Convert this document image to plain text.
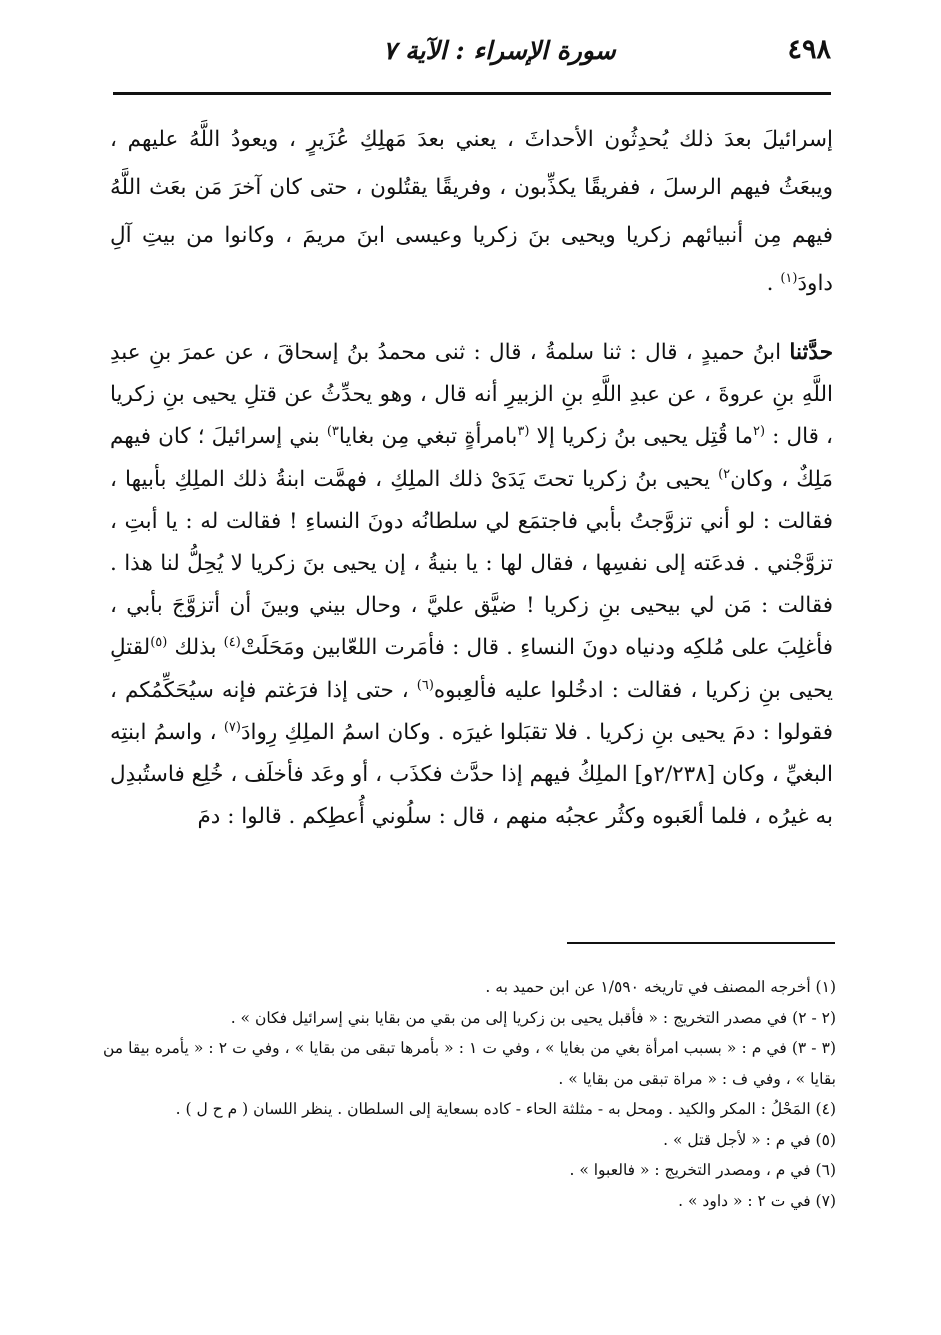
٤٩٨
سورة الإسراء : الآية ٧

إسرائيلَ بعدَ ذلك يُحدِثُون الأحداثَ ، يعني بعدَ مَهلِكِ عُزَيرٍ ، ويعودُ اللَّهُ عليهم ، ويبعَثُ فيهم الرسلَ ، ففريقًا يكذِّبون ، وفريقًا يقتُلون ، حتى كان آخرَ مَن بعَث اللَّهُ فيهم مِن أنبيائهم زكريا ويحيى بنَ زكريا وعيسى ابنَ مريمَ ، وكانوا من بيتِ آلِ داودَ$^{(١)}$ .

حدَّثنا ابنُ حميدٍ ، قال : ثنا سلمةُ ، قال : ثنى محمدُ بنُ إسحاقَ ، عن عمرَ بنِ عبدِ اللَّهِ بنِ عروةَ ، عن عبدِ اللَّهِ بنِ الزبيرِ أنه قال ، وهو يحدِّثُ عن قتلِ يحيى بنِ زكريا ، قال : $^{(٢}$ما قُتِل يحيى بنُ زكريا إلا $^{(٣}$بامرأةٍ تبغي مِن بغايا$^{٣)}$ بني إسرائيلَ ؛ كان فيهم مَلِكٌ ، وكان$^{٢)}$ يحيى بنُ زكريا تحتَ يَدَىْ ذلك الملِكِ ، فهمَّت ابنةُ ذلك الملِكِ بأبيها ، فقالت : لو أني تزوَّجتُ بأبي فاجتمَع لي سلطانُه دونَ النساءِ ! فقالت له : يا أبتِ ، تزوَّجْني . فدعَته إلى نفسِها ، فقال لها : يا بنيةُ ، إن يحيى بنَ زكريا لا يُحِلُّ لنا هذا . فقالت : مَن لي بيحيى بنِ زكريا ! ضيَّق عليَّ ، وحال بيني وبينَ أن أتزوَّجَ بأبي ، فأغلِبَ على مُلكِه ودنياه دونَ النساءِ . قال : فأمَرت اللعّابين ومَحَلَتْ$^{(٤)}$ بذلك $^{(٥)}$لقتلِ يحيى بنِ زكريا ، فقالت : ادخُلوا عليه فألعِبوه$^{(٦)}$ ، حتى إذا فرَغتم فإنه سيُحَكِّمُكم ، فقولوا : دمَ يحيى بنِ زكريا . فلا تقبَلوا غيرَه . وكان اسمُ الملِكِ رِوادَ$^{(٧)}$ ، واسمُ ابنتِه البغيِّ ، وكان [٢/٢٣٨و] الملِكُ فيهم إذا حدَّث فكذَب ، أو وعَد فأخلَف ، خُلِع فاستُبدِل به غيرُه ، فلما ألعَبوه وكثُر عجبُه منهم ، قال : سلُوني أُعطِكم . قالوا : دمَ

(١) أخرجه المصنف في تاريخه ١/٥٩٠ عن ابن حميد به .

(٢ - ٢) في مصدر التخريج : « فأقبل يحيى بن زكريا إلى من بقي من بقايا بني إسرائيل فكان » .

(٣ - ٣) في م : « بسبب امرأة بغي من بغايا » ، وفي ت ١ : « بأمرها تبقى من بقايا » ، وفي ت ٢ : « يأمره بيقا من بقايا » ، وفي ف : « مراة تبقى من بقايا » .

(٤) المَحْلُ : المكر والكيد . ومحل به - مثلثة الحاء - كاده بسعاية إلى السلطان . ينظر اللسان ( م ح ل ) .

(٥) في م : « لأجل قتل » .

(٦) في م ، ومصدر التخريج : « فالعبوا » .

(٧) في ت ٢ : « داود » .
